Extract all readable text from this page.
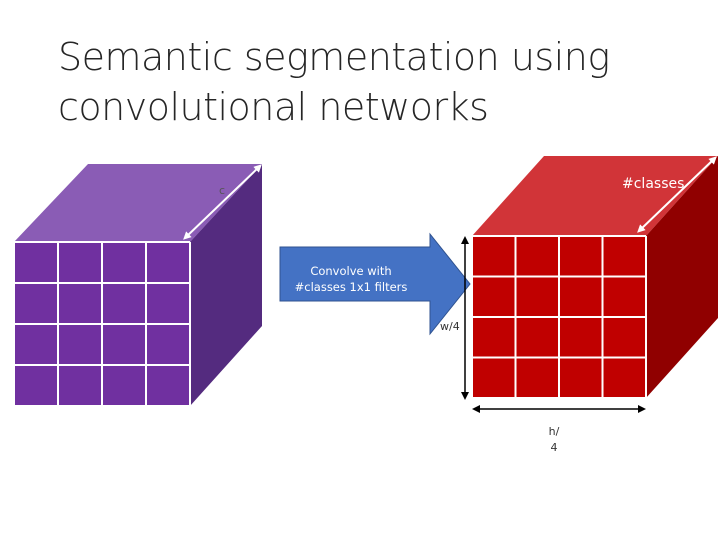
Semantic segmentation using
convolutional networks
c	#classes
Convolve with #classes 1x1 filters
w/4
h/ 4
